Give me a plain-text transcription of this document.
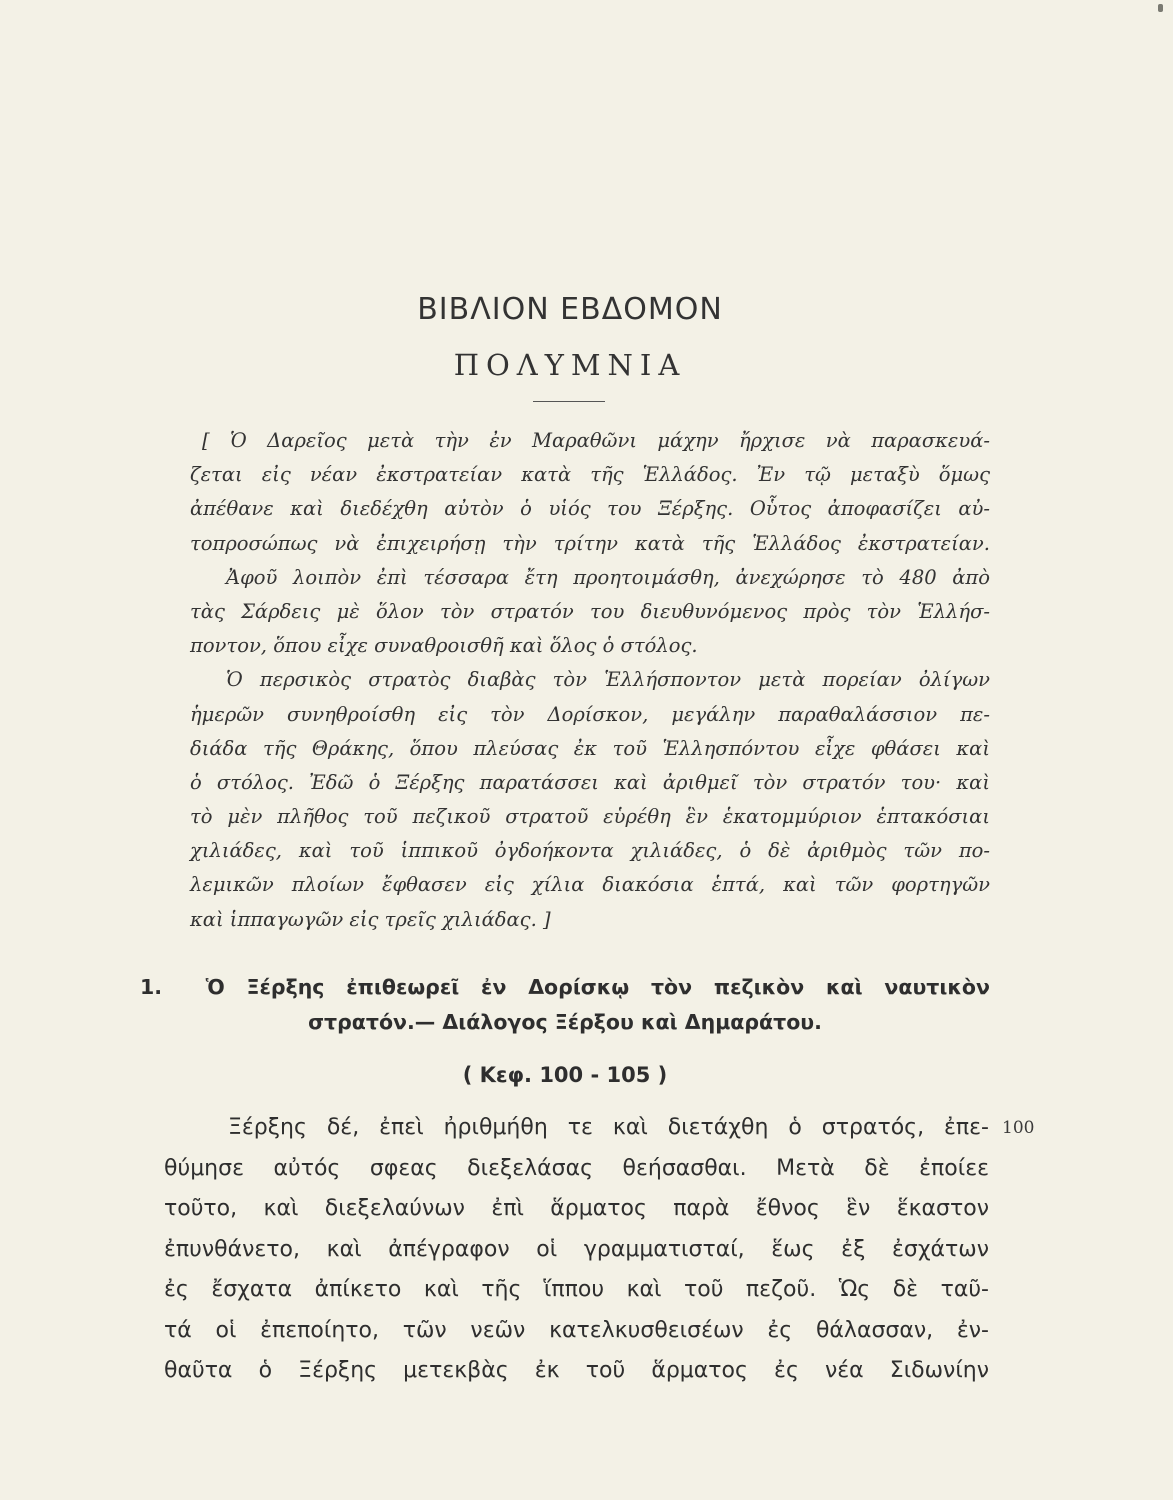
ΒΙΒΛΙΟΝ ΕΒΔΟΜΟΝ
ΠΟΛΥΜΝΙΑ
[ Ὁ Δαρεῖος μετὰ τὴν ἐν Μαραθῶνι μάχην ἤρχισε νὰ παρασκευά-
ζεται εἰς νέαν ἐκστρατείαν κατὰ τῆς Ἑλλάδος. Ἐν τῷ μεταξὺ ὅμως
ἀπέθανε καὶ διεδέχθη αὐτὸν ὁ υἱός του Ξέρξης. Οὗτος ἀποφασίζει αὐ-
τοπροσώπως νὰ ἐπιχειρήσῃ τὴν τρίτην κατὰ τῆς Ἑλλάδος ἐκστρατείαν.
Ἀφοῦ λοιπὸν ἐπὶ τέσσαρα ἔτη προητοιμάσθη, ἀνεχώρησε τὸ 480 ἀπὸ
τὰς Σάρδεις μὲ ὅλον τὸν στρατόν του διευθυνόμενος πρὸς τὸν Ἑλλήσ-
ποντον, ὅπου εἶχε συναθροισθῆ καὶ ὅλος ὁ στόλος.
Ὁ περσικὸς στρατὸς διαβὰς τὸν Ἑλλήσποντον μετὰ πορείαν ὀλίγων
ἡμερῶν συνηθροίσθη εἰς τὸν Δορίσκον, μεγάλην παραθαλάσσιον πε-
διάδα τῆς Θράκης, ὅπου πλεύσας ἐκ τοῦ Ἑλλησπόντου εἶχε φθάσει καὶ
ὁ στόλος. Ἐδῶ ὁ Ξέρξης παρατάσσει καὶ ἀριθμεῖ τὸν στρατόν του· καὶ
τὸ μὲν πλῆθος τοῦ πεζικοῦ στρατοῦ εὑρέθη ἓν ἑκατομμύριον ἑπτακόσιαι
χιλιάδες, καὶ τοῦ ἱππικοῦ ὀγδοήκοντα χιλιάδες, ὁ δὲ ἀριθμὸς τῶν πο-
λεμικῶν πλοίων ἔφθασεν εἰς χίλια διακόσια ἑπτά, καὶ τῶν φορτηγῶν
καὶ ἱππαγωγῶν εἰς τρεῖς χιλιάδας. ]
1. Ὁ Ξέρξης ἐπιθεωρεῖ ἐν Δορίσκῳ τὸν πεζικὸν καὶ ναυτικὸν
στρατόν.— Διάλογος Ξέρξου καὶ Δημαράτου.
( Κεφ. 100 - 105 )
Ξέρξης δέ, ἐπεὶ ἠριθμήθη τε καὶ διετάχθη ὁ στρατός, ἐπε-
θύμησε αὐτός σφεας διεξελάσας θεήσασθαι. Μετὰ δὲ ἐποίεε
τοῦτο, καὶ διεξελαύνων ἐπὶ ἅρματος παρὰ ἔθνος ἓν ἕκαστον
ἐπυνθάνετο, καὶ ἀπέγραφον οἱ γραμματισταί, ἕως ἐξ ἐσχάτων
ἐς ἔσχατα ἀπίκετο καὶ τῆς ἵππου καὶ τοῦ πεζοῦ. Ὡς δὲ ταῦ-
τά οἱ ἐπεποίητο, τῶν νεῶν κατελκυσθεισέων ἐς θάλασσαν, ἐν-
θαῦτα ὁ Ξέρξης μετεκβὰς ἐκ τοῦ ἅρματος ἐς νέα Σιδωνίην
100
